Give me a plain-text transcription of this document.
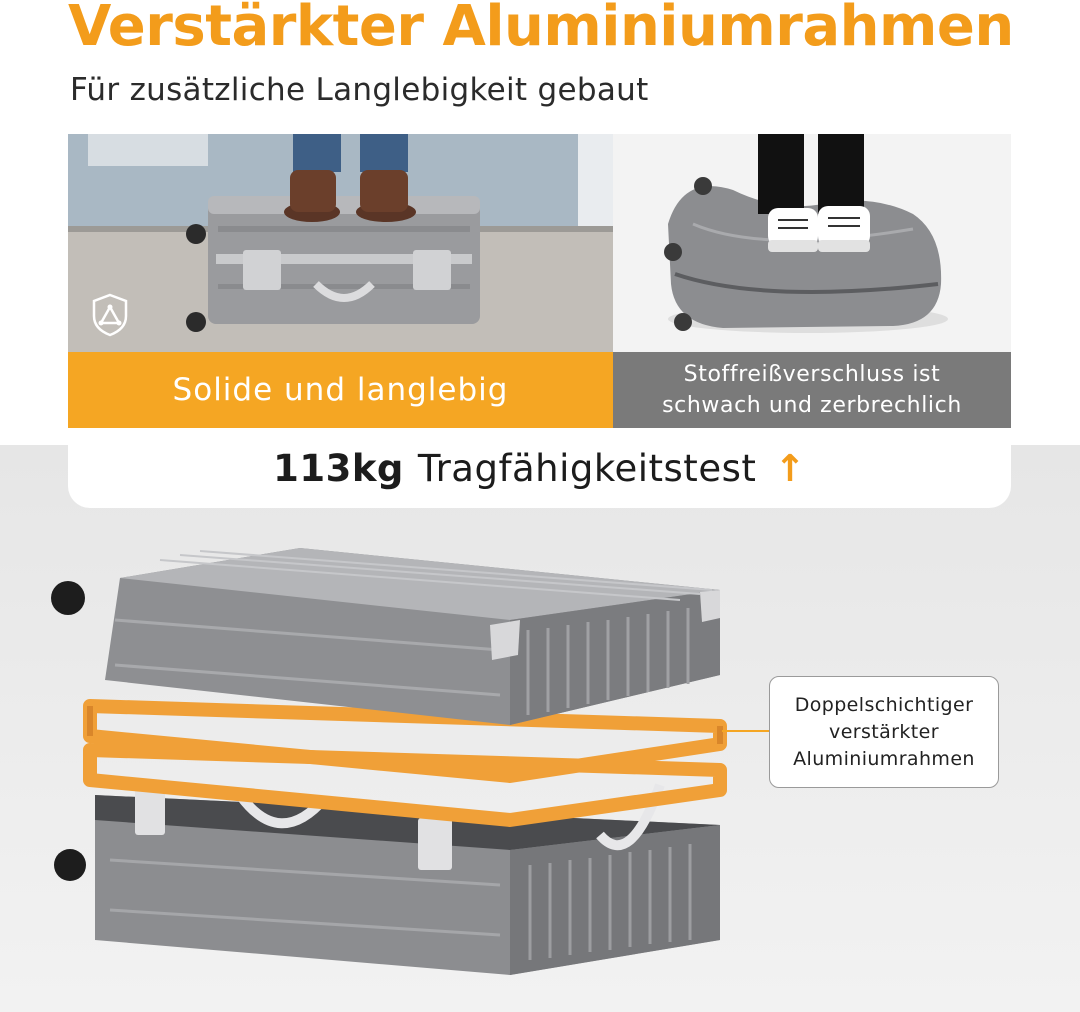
Verstärkter Aluminiumrahmen

Für zusätzliche Langlebigkeit gebaut

Solide und langlebig	Stoffreißverschluss ist
schwach und zerbrechlich
113kg Tragfähigkeitstest ↑
Doppelschichtiger
verstärkter
Aluminiumrahmen
